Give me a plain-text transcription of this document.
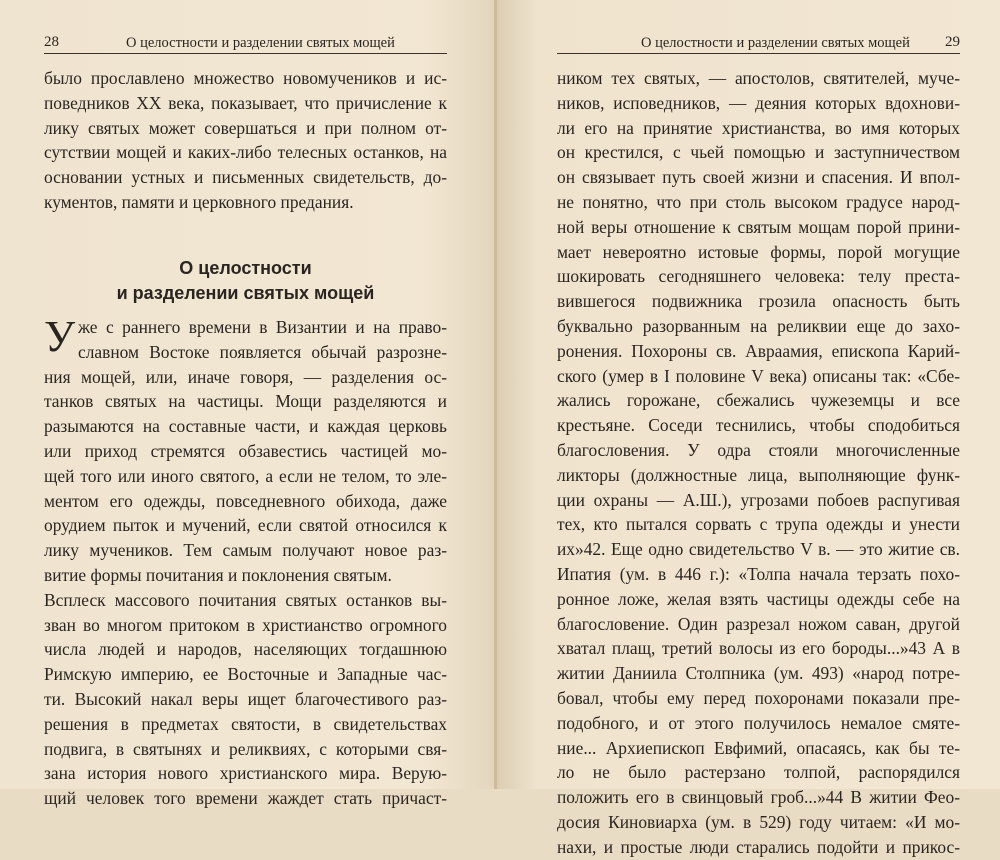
28	О целостности и разделении святых мощей
было прославлено множество новомучеников и ис-
поведников XX века, показывает, что причисление к
лику святых может совершаться и при полном от-
сутствии мощей и каких-либо телесных останков, на
основании устных и письменных свидетельств, до-
кументов, памяти и церковного предания.
О целостности
и разделении святых мощей
У же с раннего времени в Византии и на право-
славном Востоке появляется обычай разрозне-
ния мощей, или, иначе говоря, — разделения ос-
танков святых на частицы. Мощи разделяются и
разымаются на составные части, и каждая церковь
или приход стремятся обзавестись частицей мо-
щей того или иного святого, а если не телом, то эле-
ментом его одежды, повседневного обихода, даже
орудием пыток и мучений, если святой относился к
лику мучеников. Тем самым получают новое раз-
витие формы почитания и поклонения святым.
Всплеск массового почитания святых останков вы-
зван во многом притоком в христианство огромного
числа людей и народов, населяющих тогдашнюю
Римскую империю, ее Восточные и Западные час-
ти. Высокий накал веры ищет благочестивого раз-
решения в предметах святости, в свидетельствах
подвига, в святынях и реликвиях, с которыми свя-
зана история нового христианского мира. Верую-
щий человек того времени жаждет стать причаст-
О целостности и разделении святых мощей 29
ником тех святых, — апостолов, святителей, муче-
ников, исповедников, — деяния которых вдохнови-
ли его на принятие христианства, во имя которых
он крестился, с чьей помощью и заступничеством
он связывает путь своей жизни и спасения. И впол-
не понятно, что при столь высоком градусе народ-
ной веры отношение к святым мощам порой прини-
мает невероятно истовые формы, порой могущие
шокировать сегодняшнего человека: телу преста-
вившегося подвижника грозила опасность быть
буквально разорванным на реликвии еще до захо-
ронения. Похороны св. Авраамия, епископа Карий-
ского (умер в I половине V века) описаны так: «Сбе-
жались горожане, сбежались чужеземцы и все
крестьяне. Соседи теснились, чтобы сподобиться
благословения. У одра стояли многочисленные
ликторы (должностные лица, выполняющие функ-
ции охраны — А.Ш.), угрозами побоев распугивая
тех, кто пытался сорвать с трупа одежды и унести
их»42. Еще одно свидетельство V в. — это житие св.
Ипатия (ум. в 446 г.): «Толпа начала терзать похо-
ронное ложе, желая взять частицы одежды себе на
благословение. Один разрезал ножом саван, другой
хватал плащ, третий волосы из его бороды...»43 А в
житии Даниила Столпника (ум. 493) «народ потре-
бовал, чтобы ему перед похоронами показали пре-
подобного, и от этого получилось немалое смяте-
ние... Архиепископ Евфимий, опасаясь, как бы те-
ло не было растерзано толпой, распорядился
положить его в свинцовый гроб...»44 В житии Фео-
досия Киновиарха (ум. в 529) году читаем: «И мо-
нахи, и простые люди старались подойти и прикос-
